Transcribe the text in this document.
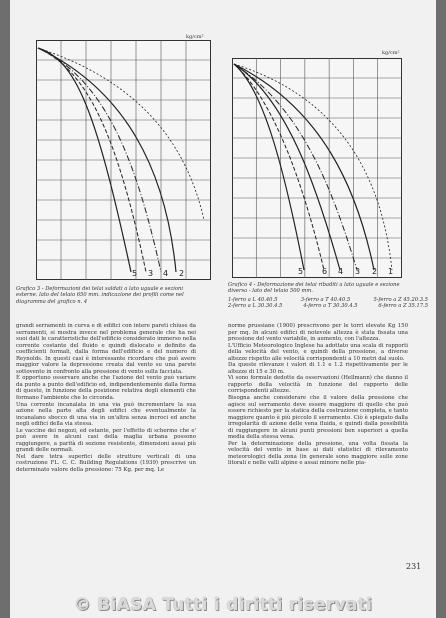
5 3 4 2
kg/cm²
Grafico 3 - Deformazioni dei telai saldati a lato uguale e sezioni
esterne. lato del telaio 650 mm. indicazione dei profili come nel
diagramma del grafico n. 4
5 6 4 3 2 1
kg/cm²
Grafico 4 - Deformazione dei telai ribaditi a lato uguale e sezione
diversa - lato del telaio 500 mm.
1-ferro a L 40.40.5	3-ferro a T 40.40.5	5-ferro a Z 45.20.3.5
2-ferro a L 30.30.4.5	4-ferro a T 30.30.4.5	6-ferro a Z 35.17.5

grandi serramenti in curva e di edifici con intere pareti chiuse da serramenti, si mostra invece nel problema generale che ha nei suoi dati le caratteristiche dell'edificio considerato immerso nella corrente costante del fluido e quindi dislocato e definito da coefficienti formali, dalla forma dell'edificio e del numero di Reynolds. In questi casi è interessante ricordare che può avere maggior valore la depressione creata dal vento su una parete sottovento in confronto alla pressione di vento sulla facciata.

È opportuno osservare anche che l'azione del vento può variare da punto a punto dell'edificio ed, indipendentemente dalla forma di questo, in funzione della posizione relativa degli elementi che formano l'ambiente che lo circonda.

Una corrente incanalata in una via può incrementare la sua azione nella parte alta degli edifici che eventualmente la incanalano sbocco di una via in un'altra senza incroci ed anche negli edifici della via stessa.

Le vaccine dei negozi, ed ostante, per l'effetto di schermo che e' può avere in alcuni casi della maglia urbana possono raggiungere, a parità di sezione resistente, dimensioni assai più grandi delle normali.

Nel dare tetra superfici delle strutture verticali di una costruzione FL. C. C. Building Regulations (1939) prescrive un determinato valore della pressione: 75 Kg. per mq. Le

norme prussiane (1900) prescrivono per le torri elevate Kg 150 per mq. In alcuni edifici di notevole altezza è stata fissata una pressione del vento variabile, in aumento, con l'altezza.

L'Ufficio Meteorologico Inglese ha adottato una scala di rapporti della velocità del vento, e quindi della pressione, a diverse altezze rispetto alle velocità corrispondenti a 10 metri dal suolo.

Da queste rilevanze i valori di 1.1 e 1.2 rispettivamente per le altezze di 15 e 30 m.

Vi sono formule dedotte da osservazioni (Hellmann) che danno il rapporto della velocità in funzione del rapporto delle corrispondenti altezze.

Bisogna anche considerare che il valore della pressione che agisce sul serramento deve essere maggiore di quello che può essere richiesto per la statica della costruzione completa, e tanto maggiore quanto è più piccolo il serramento. Ciò è spiegato dalla irregolarità di azione delle vena fluida, e quindi dalla possibilità di raggiungere in alcuni punti pressioni ben superiori a quella media della stessa vena.

Per la determinazione della pressione, una volta fissata la velocità del vento in base ai dati statistici di rilevamento meteorologici della zona (in generale sono maggiore sulle zone litorali e nelle valli alpine e assai minore nelle pia-

231
© BiASA Tutti i diritti riservati
